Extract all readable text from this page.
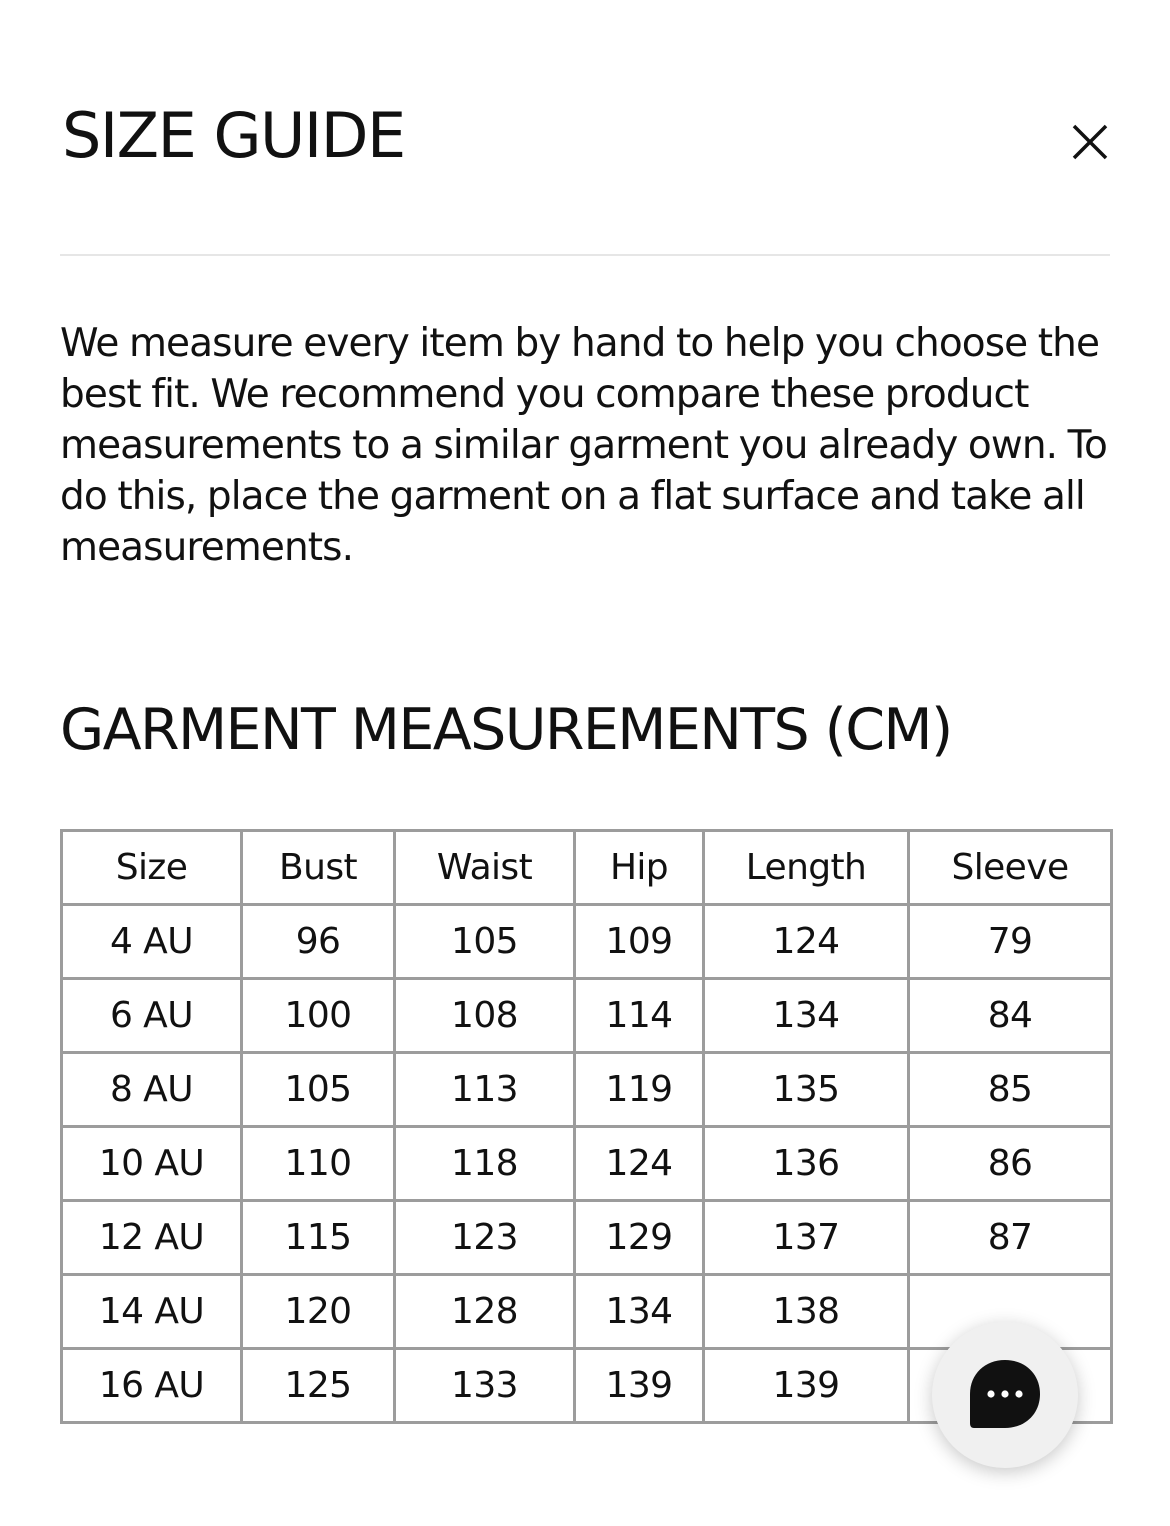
SIZE GUIDE

We measure every item by hand to help you choose the best fit. We recommend you compare these product measurements to a similar garment you already own. To do this, place the garment on a flat surface and take all measurements.

GARMENT MEASUREMENTS (CM)
Size	Bust	Waist	Hip	Length	Sleeve
4 AU	96	105	109	124	79
6 AU	100	108	114	134	84
8 AU	105	113	119	135	85
10 AU	110	118	124	136	86
12 AU	115	123	129	137	87
14 AU	120	128	134	138	
16 AU	125	133	139	139	
